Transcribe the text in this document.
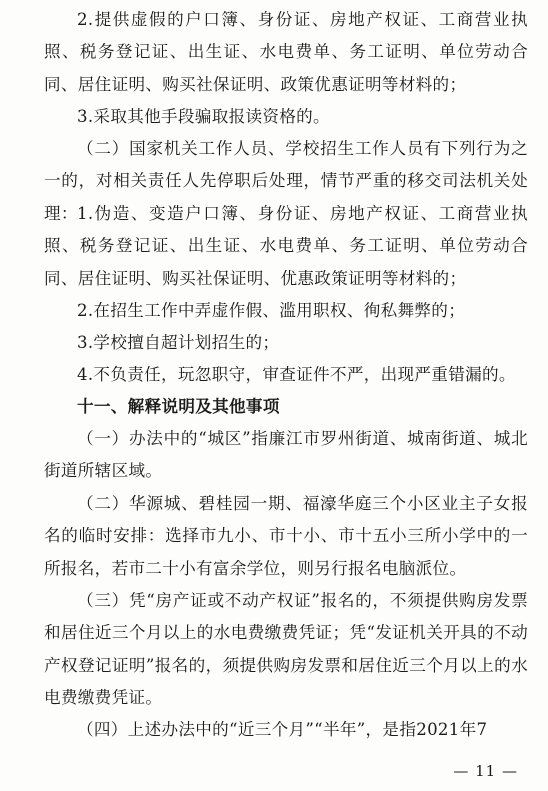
2.提供虚假的户口簿、身份证、房地产权证、工商营业执照、税务登记证、出生证、水电费单、务工证明、单位劳动合同、居住证明、购买社保证明、政策优惠证明等材料的；

3.采取其他手段骗取报读资格的。

（二）国家机关工作人员、学校招生工作人员有下列行为之一的，对相关责任人先停职后处理，情节严重的移交司法机关处理： 1.伪造、变造户口簿、身份证、房地产权证、工商营业执照、税务登记证、出生证、水电费单、务工证明、单位劳动合同、居住证明、购买社保证明、优惠政策证明等材料的；

2.在招生工作中弄虚作假、滥用职权、徇私舞弊的；

3.学校擅自超计划招生的；

4.不负责任，玩忽职守，审查证件不严，出现严重错漏的。

十一、解释说明及其他事项

（一）办法中的“城区”指廉江市罗州街道、城南街道、城北街道所辖区域。

（二）华源城、碧桂园一期、福濠华庭三个小区业主子女报名的临时安排：选择市九小、市十小、市十五小三所小学中的一所报名，若市二十小有富余学位，则另行报名电脑派位。

（三）凭“房产证或不动产权证”报名的，不须提供购房发票和居住近三个月以上的水电费缴费凭证；凭“发证机关开具的不动产权登记证明”报名的，须提供购房发票和居住近三个月以上的水电费缴费凭证。

（四）上述办法中的“近三个月”“半年”，是指2021年7

— 11 —
